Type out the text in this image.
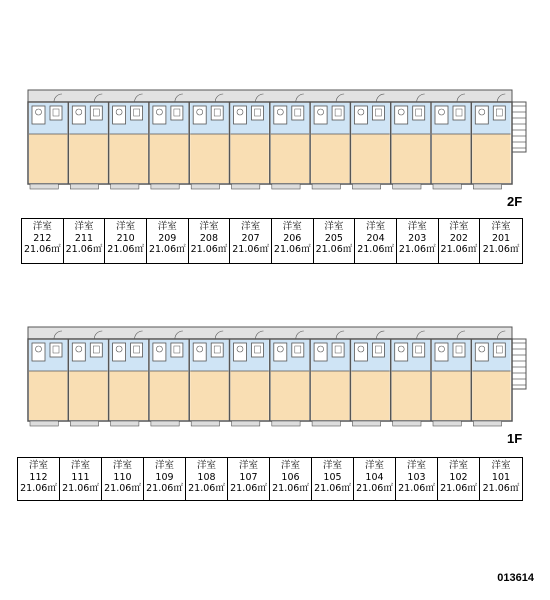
2F
1F
洋室
212
21.06㎡
洋室
211
21.06㎡
洋室
210
21.06㎡
洋室
209
21.06㎡
洋室
208
21.06㎡
洋室
207
21.06㎡
洋室
206
21.06㎡
洋室
205
21.06㎡
洋室
204
21.06㎡
洋室
203
21.06㎡
洋室
202
21.06㎡
洋室
201
21.06㎡
洋室
112
21.06㎡
洋室
111
21.06㎡
洋室
110
21.06㎡
洋室
109
21.06㎡
洋室
108
21.06㎡
洋室
107
21.06㎡
洋室
106
21.06㎡
洋室
105
21.06㎡
洋室
104
21.06㎡
洋室
103
21.06㎡
洋室
102
21.06㎡
洋室
101
21.06㎡
013614
